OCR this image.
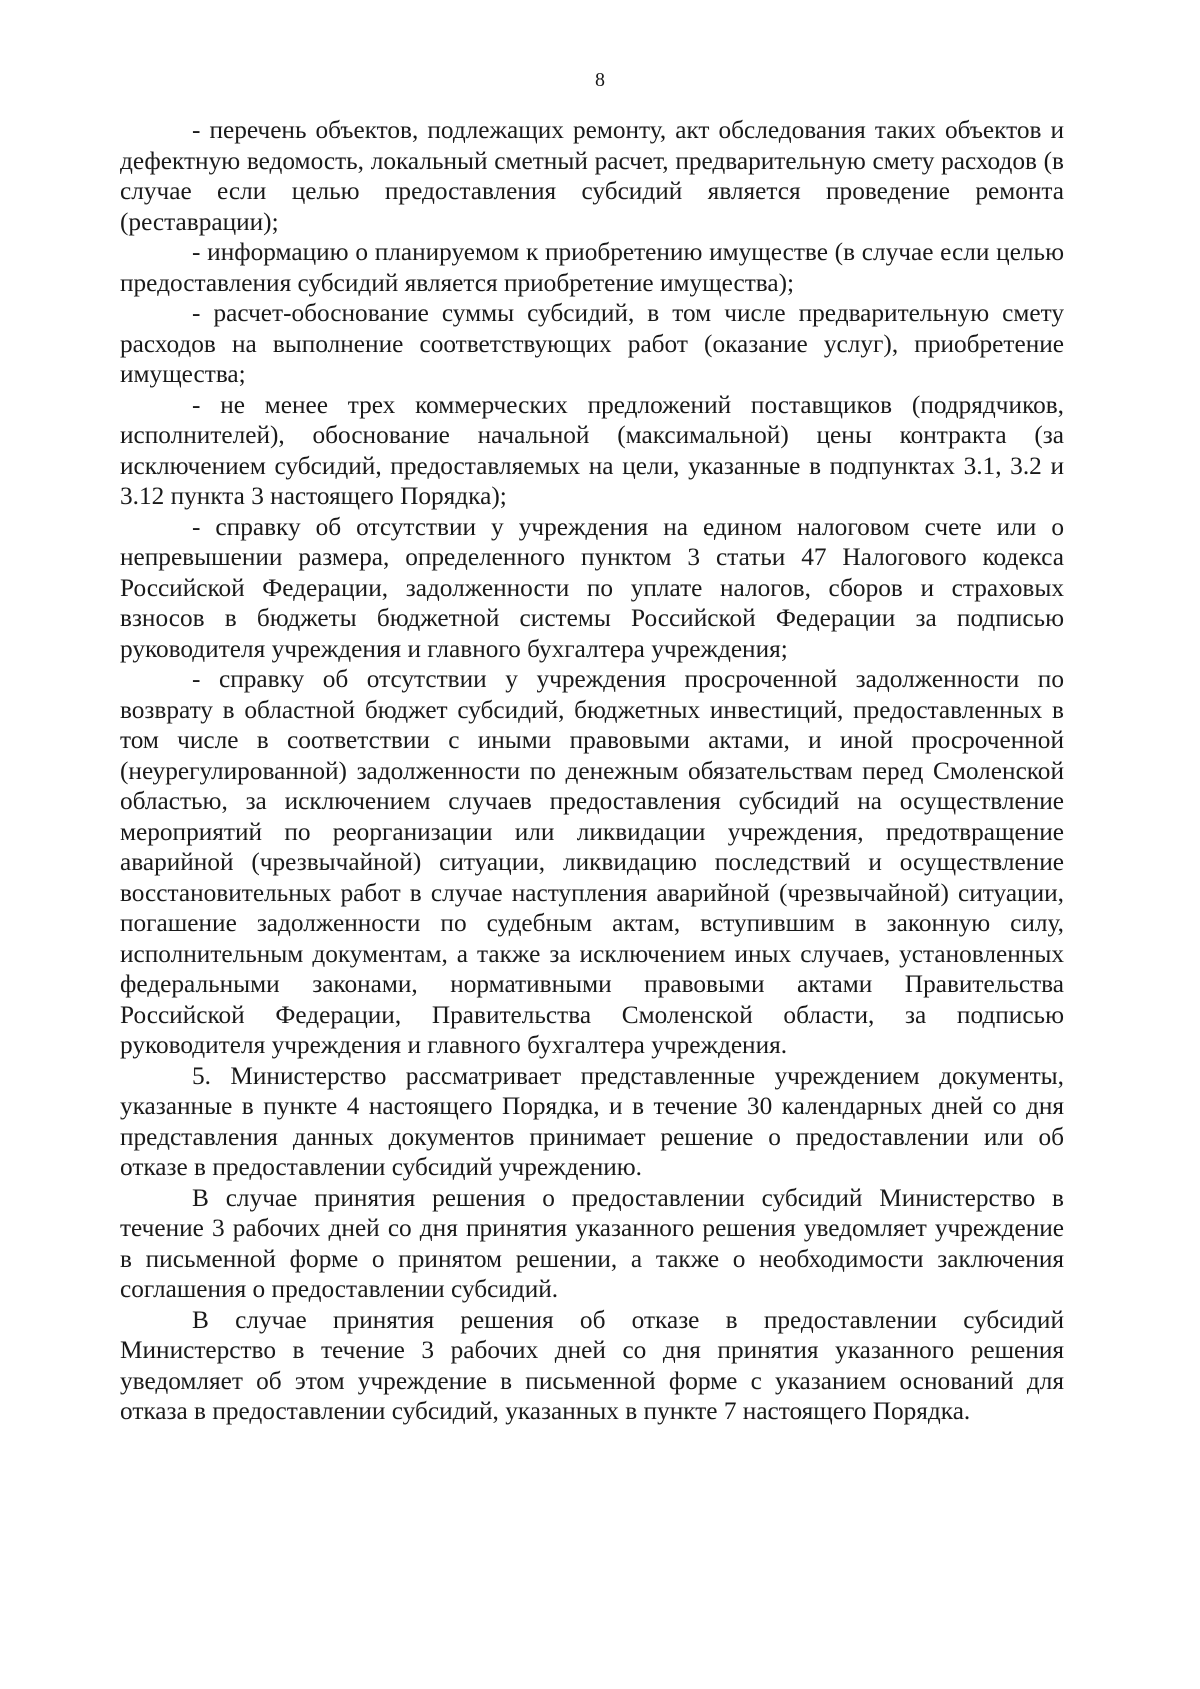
8

- перечень объектов, подлежащих ремонту, акт обследования таких объектов и дефектную ведомость, локальный сметный расчет, предварительную смету расходов (в случае если целью предоставления субсидий является проведение ремонта (реставрации);

- информацию о планируемом к приобретению имуществе (в случае если целью предоставления субсидий является приобретение имущества);

- расчет-обоснование суммы субсидий, в том числе предварительную смету расходов на выполнение соответствующих работ (оказание услуг), приобретение имущества;

- не менее трех коммерческих предложений поставщиков (подрядчиков, исполнителей), обоснование начальной (максимальной) цены контракта (за исключением субсидий, предоставляемых на цели, указанные в подпунктах 3.1, 3.2 и 3.12 пункта 3 настоящего Порядка);

- справку об отсутствии у учреждения на едином налоговом счете или о непревышении размера, определенного пунктом 3 статьи 47 Налогового кодекса Российской Федерации, задолженности по уплате налогов, сборов и страховых взносов в бюджеты бюджетной системы Российской Федерации за подписью руководителя учреждения и главного бухгалтера учреждения;

- справку об отсутствии у учреждения просроченной задолженности по возврату в областной бюджет субсидий, бюджетных инвестиций, предоставленных в том числе в соответствии с иными правовыми актами, и иной просроченной (неурегулированной) задолженности по денежным обязательствам перед Смоленской областью, за исключением случаев предоставления субсидий на осуществление мероприятий по реорганизации или ликвидации учреждения, предотвращение аварийной (чрезвычайной) ситуации, ликвидацию последствий и осуществление восстановительных работ в случае наступления аварийной (чрезвычайной) ситуации, погашение задолженности по судебным актам, вступившим в законную силу, исполнительным документам, а также за исключением иных случаев, установленных федеральными законами, нормативными правовыми актами Правительства Российской Федерации, Правительства Смоленской области, за подписью руководителя учреждения и главного бухгалтера учреждения.

5. Министерство рассматривает представленные учреждением документы, указанные в пункте 4 настоящего Порядка, и в течение 30 календарных дней со дня представления данных документов принимает решение о предоставлении или об отказе в предоставлении субсидий учреждению.

В случае принятия решения о предоставлении субсидий Министерство в течение 3 рабочих дней со дня принятия указанного решения уведомляет учреждение в письменной форме о принятом решении, а также о необходимости заключения соглашения о предоставлении субсидий.

В случае принятия решения об отказе в предоставлении субсидий Министерство в течение 3 рабочих дней со дня принятия указанного решения уведомляет об этом учреждение в письменной форме с указанием оснований для отказа в предоставлении субсидий, указанных в пункте 7 настоящего Порядка.
